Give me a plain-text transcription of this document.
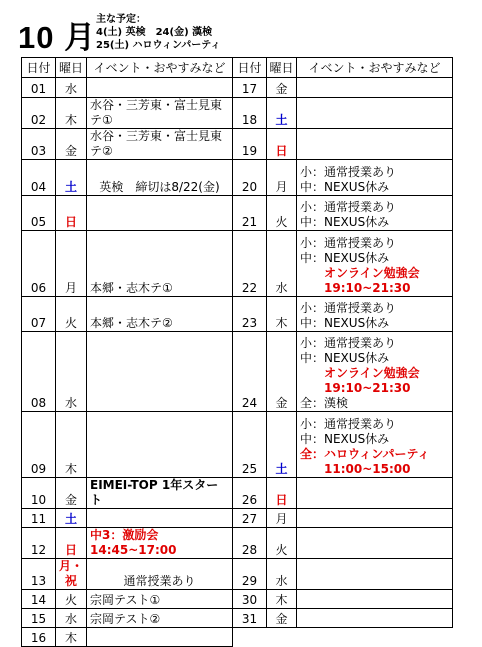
10 月
主な予定：
4(土) 英検　24(金) 漢検
25(土) ハロウィンパーティ
日付	曜日	イベント・おやすみなど	日付	曜日	イベント・おやすみなど
01	水		17	金	
02	木	水谷・三芳東・富士見東テ①	18	土	
03	金	水谷・三芳東・富士見東テ②	19	日	
04	土	英検　締切は8/22(金)	20	月	小：通常授業あり
中：NEXUS休み

05	日		21	火	小：通常授業あり
中：NEXUS休み

06	月	本郷・志木テ①	22	水	小：通常授業あり
中：NEXUS休み
オンライン勉強会
19:10~21:30

07	火	本郷・志木テ②	23	木	小：通常授業あり
中：NEXUS休み

08	水		24	金	小：通常授業あり
中：NEXUS休み
オンライン勉強会
19:10~21:30
全：漢検

09	木		25	土	小：通常授業あり
中：NEXUS休み
全：ハロウィンパーティ
11:00~15:00

10	金	EIMEI-TOP 1年スタート	26	日	
11	土		27	月	
12	日	中3：激励会14:45~17:00	28	火	
13	月・祝	通常授業あり	29	水	
14	火	宗岡テスト①	30	木	
15	水	宗岡テスト②	31	金	
16	木				
